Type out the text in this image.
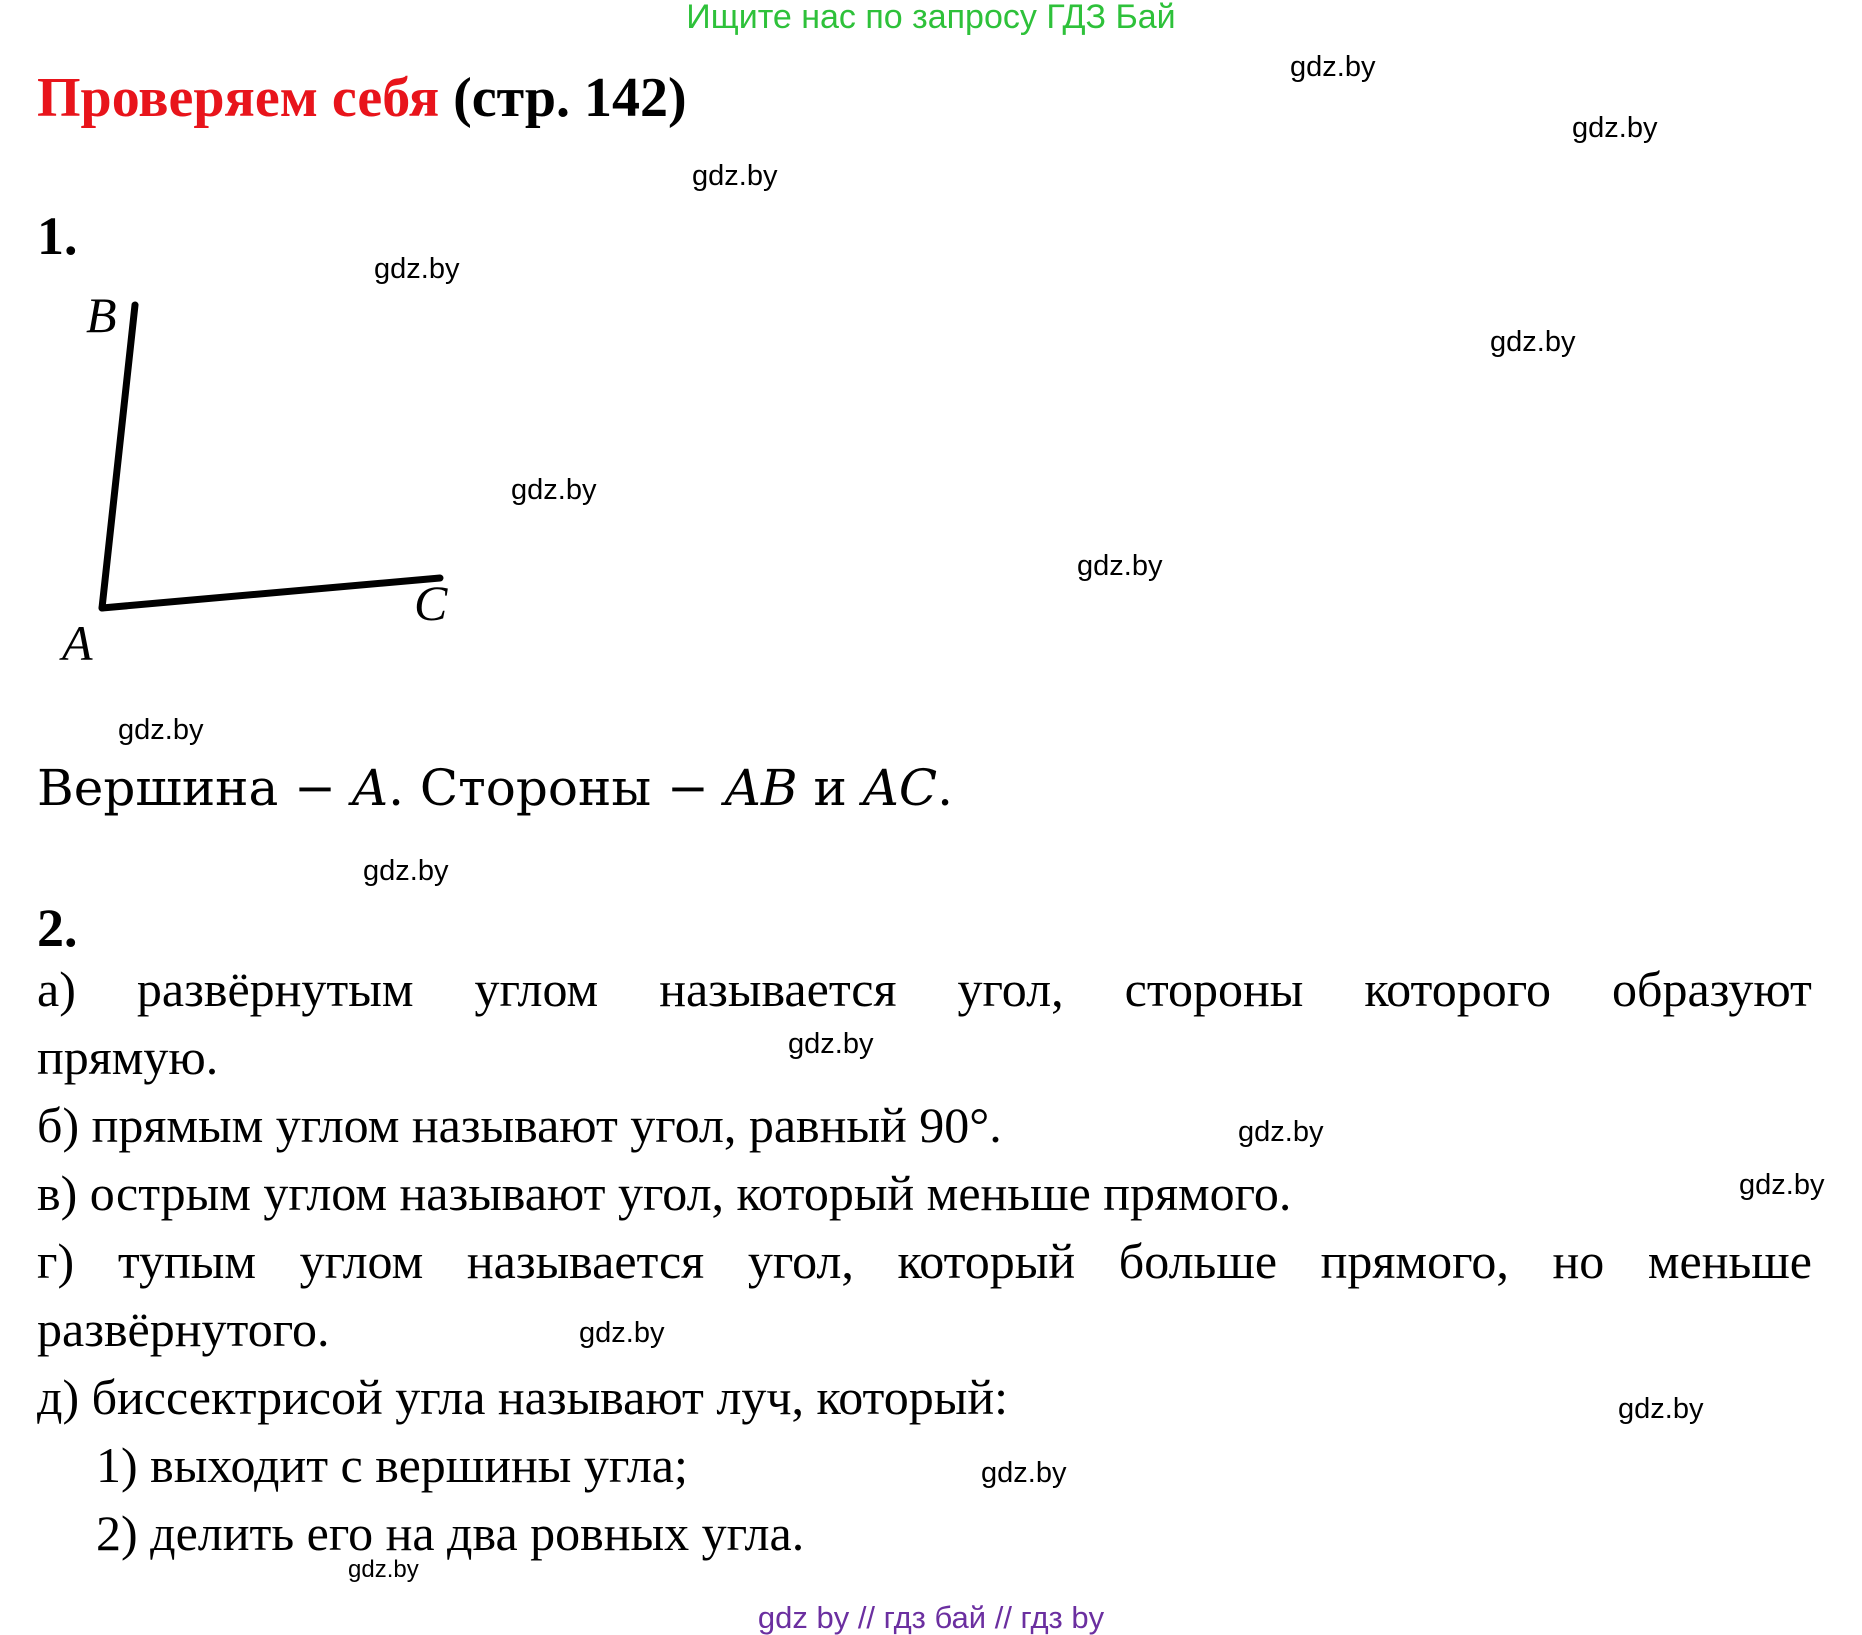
Ищите нас по запросу ГДЗ Бай
Проверяем себя (стр. 142)
1.
B
A
C
Вершина − A. Стороны − AB и AC.
2.
а) развёрнутым углом называется угол, стороны которого образуют
прямую.
б) прямым углом называют угол, равный 90°.
в) острым углом называют угол, который меньше прямого.
г) тупым углом называется угол, который больше прямого, но меньше
развёрнутого.
д) биссектрисой угла называют луч, который:
1) выходит с вершины угла;
2) делить его на два ровных угла.
gdz.by
gdz.by
gdz.by
gdz.by
gdz.by
gdz.by
gdz.by
gdz.by
gdz.by
gdz.by
gdz.by
gdz.by
gdz.by
gdz.by
gdz.by
gdz.by
gdz by // гдз бай // гдз by
